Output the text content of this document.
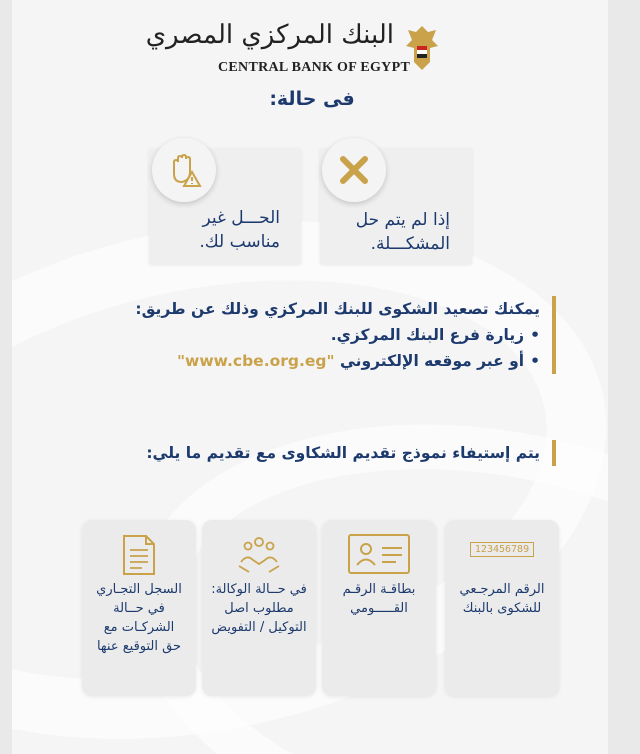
البنك المركزي المصري
CENTRAL BANK OF EGYPT
فى حالة:
إذا لم يتم حل
المشكـــلة.
الحـــل غير
مناسب لك.
يمكنك تصعيد الشكوى للبنك المركزي وذلك عن طريق:
•زيارة فرع البنك المركزي.
•أو عبر موقعه الإلكتروني "www.cbe.org.eg"
يتم إستيفاء نموذج تقديم الشكاوى مع تقديم ما يلي:
123456789
الرقم المرجـعي
للشكوى بالبنك
بطاقـة الرقـم
القـــــومي
في حــالة الوكالة:
مطلوب اصل
التوكيل / التفويض
السجل التجـاري
في حــالة
الشركـات مع
حق التوقيع عنها
